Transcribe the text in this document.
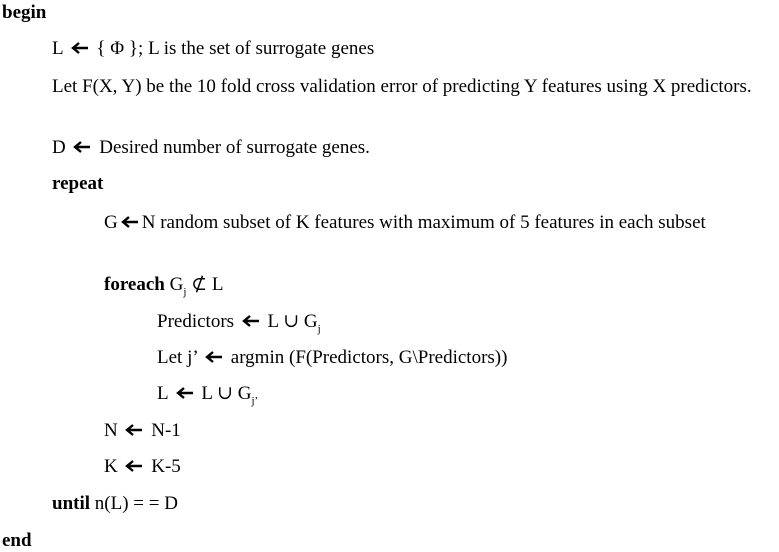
begin
L { Φ }; L is the set of surrogate genes
Let F(X, Y) be the 10 fold cross validation error of predicting Y features using X predictors.
D Desired number of surrogate genes.
repeat
G N random subset of K features with maximum of 5 features in each subset
foreach $G_j$ ⊄ L
Predictors L ∪ $G_j$
Let j’ argmin (F(Predictors, G\Predictors))
L L ∪ $G_{j’}$
N N-1
K K-5
until n(L) = = D
end
